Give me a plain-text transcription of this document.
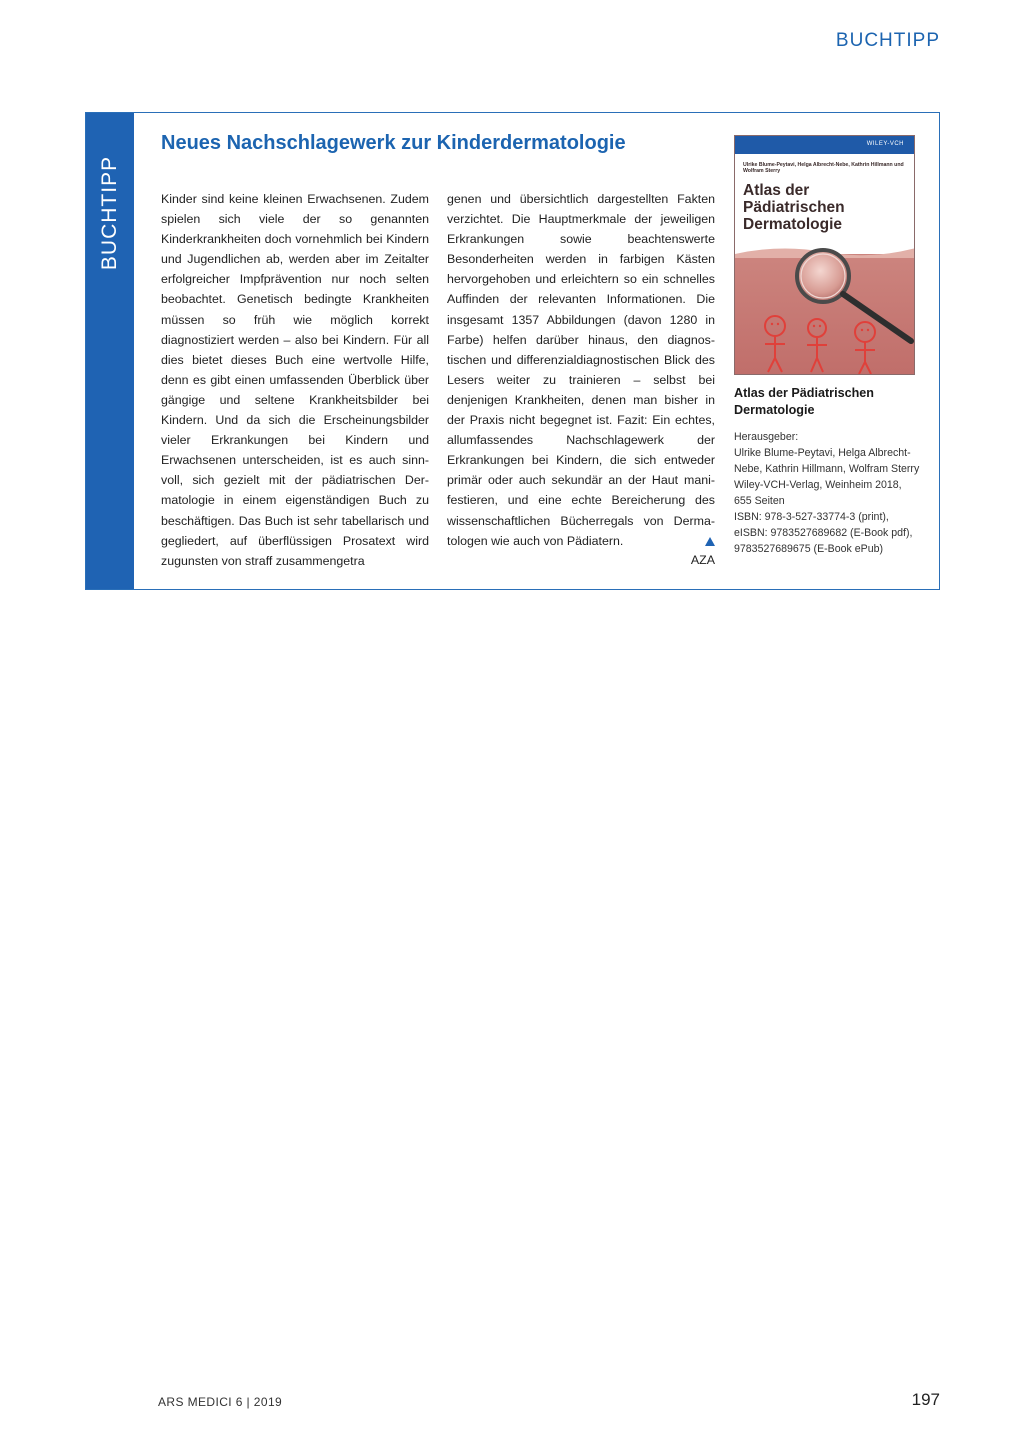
BUCHTIPP
BUCHTIPP
Neues Nachschlagewerk zur Kinderdermatologie
Kinder sind keine kleinen Erwachsenen. Zudem spielen sich viele der so genannten Kinderkrankheiten doch vornehmlich bei Kindern und Jugendlichen ab, werden aber im Zeitalter erfolgreicher Impfprävention nur noch selten beobachtet. Genetisch bedingte Krankheiten müssen so früh wie möglich korrekt diagnostiziert werden – also bei Kindern. Für all dies bietet dieses Buch eine wertvolle Hilfe, denn es gibt einen umfassenden Überblick über gängige und seltene Krankheitsbilder bei Kindern. Und da sich die Erscheinungsbilder vieler Erkrankungen bei Kindern und Erwachsenen unterscheiden, ist es auch sinnvoll, sich gezielt mit der pädiatrischen Dermatologie in einem eigenständigen Buch zu beschäftigen. Das Buch ist sehr tabellarisch und gegliedert, auf überflüssigen Prosatext wird zugunsten von straff zusammengetra
genen und übersichtlich dargestellten Fakten verzichtet. Die Hauptmerkmale der jeweiligen Erkrankungen sowie beachtenswerte Besonderheiten werden in farbigen Kästen hervorgehoben und erleichtern so ein schnelles Auffinden der relevanten Informationen. Die insgesamt 1357 Abbildungen (davon 1280 in Farbe) helfen darüber hinaus, den diagnostischen und differenzialdiagnostischen Blick des Lesers weiter zu trainieren – selbst bei denjenigen Krankheiten, denen man bisher in der Praxis nicht begegnet ist. Fazit: Ein echtes, allumfassendes Nachschlagewerk der Erkrankungen bei Kindern, die sich entweder primär oder auch sekundär an der Haut manifestieren, und eine echte Bereicherung des wissenschaftlichen Bücherregals von Dermatologen wie auch von Pädiatern.
AZA
WILEY-VCH
Ulrike Blume-Peytavi, Helga Albrecht-Nebe, Kathrin Hillmann und Wolfram Sterry
Atlas der Pädiatrischen Dermatologie
Atlas der Pädiatrischen Dermatologie
Herausgeber:
Ulrike Blume-Peytavi, Helga Albrecht-Nebe, Kathrin Hillmann, Wolfram Sterry
Wiley-VCH-Verlag, Weinheim 2018,
655 Seiten
ISBN: 978-3-527-33774-3 (print),
eISBN: 9783527689682 (E-Book pdf),
9783527689675 (E-Book ePub)
ARS MEDICI 6 | 2019	197
